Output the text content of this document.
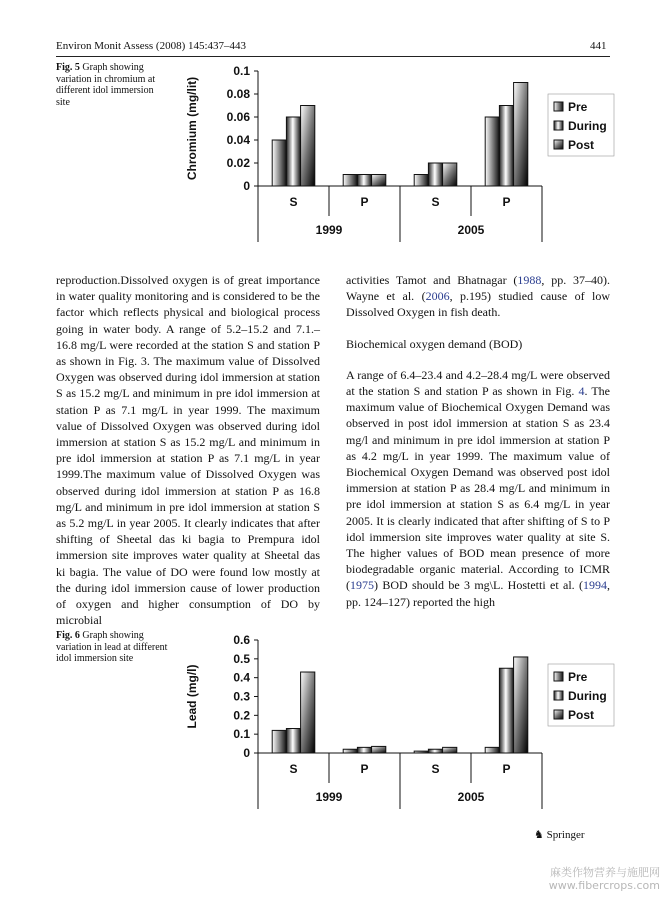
Environ Monit Assess (2008) 145:437–443	441
Fig. 5 Graph showing variation in chromium at different idol immersion site	Chromium (mg/lit)
0
0.02
0.04
0.06
0.08
0.1
S	P	S	P
1999	2005
Pre
During
Post

reproduction.Dissolved oxygen is of great importance in water quality monitoring and is considered to be the factor which reflects physical and biological process going in water body. A range of 5.2–15.2 and 7.1.–16.8 mg/L were recorded at the station S and station P as shown in Fig. 3. The maximum value of Dissolved Oxygen was observed during idol immersion at station S as 15.2 mg/L and minimum in pre idol immersion at station P as 7.1 mg/L in year 1999. The maximum value of Dissolved Oxygen was observed during idol immersion at station S as 15.2 mg/L and minimum in pre idol immersion at station P as 7.1 mg/L in year 1999.The maximum value of Dissolved Oxygen was observed during idol immersion at station P as 16.8 mg/L and minimum in pre idol immersion at station S as 5.2 mg/L in year 2005. It clearly indicates that after shifting of Sheetal das ki bagia to Prempura idol immersion site improves water quality at Sheetal das ki bagia. The value of DO were found low mostly at the during idol immersion cause of lower production of oxygen and higher consumption of DO by microbial

activities Tamot and Bhatnagar (1988, pp. 37–40). Wayne et al. (2006, p.195) studied cause of low Dissolved Oxygen in fish death.

Biochemical oxygen demand (BOD)

A range of 6.4–23.4 and 4.2–28.4 mg/L were observed at the station S and station P as shown in Fig. 4. The maximum value of Biochemical Oxygen Demand was observed in post idol immersion at station S as 23.4 mg/l and minimum in pre idol immersion at station P as 4.2 mg/L in year 1999. The maximum value of Biochemical Oxygen Demand was observed post idol immersion at station P as 28.4 mg/L and minimum in pre idol immersion at station S as 6.4 mg/L in year 2005. It is clearly indicated that after shifting of S to P idol immersion site improves water quality at site S. The higher values of BOD mean presence of more biodegradable organic material. According to ICMR (1975) BOD should be 3 mg\L. Hostetti et al. (1994, pp. 124–127) reported the high

Fig. 6 Graph showing variation in lead at different idol immersion site
Lead (mg/l)
0
0.1
0.2
0.3
0.4
0.5
0.6
S	P	S	P
1999	2005
Pre
During
Post
♞ Springer
麻类作物营养与施肥网
www.fibercrops.com
